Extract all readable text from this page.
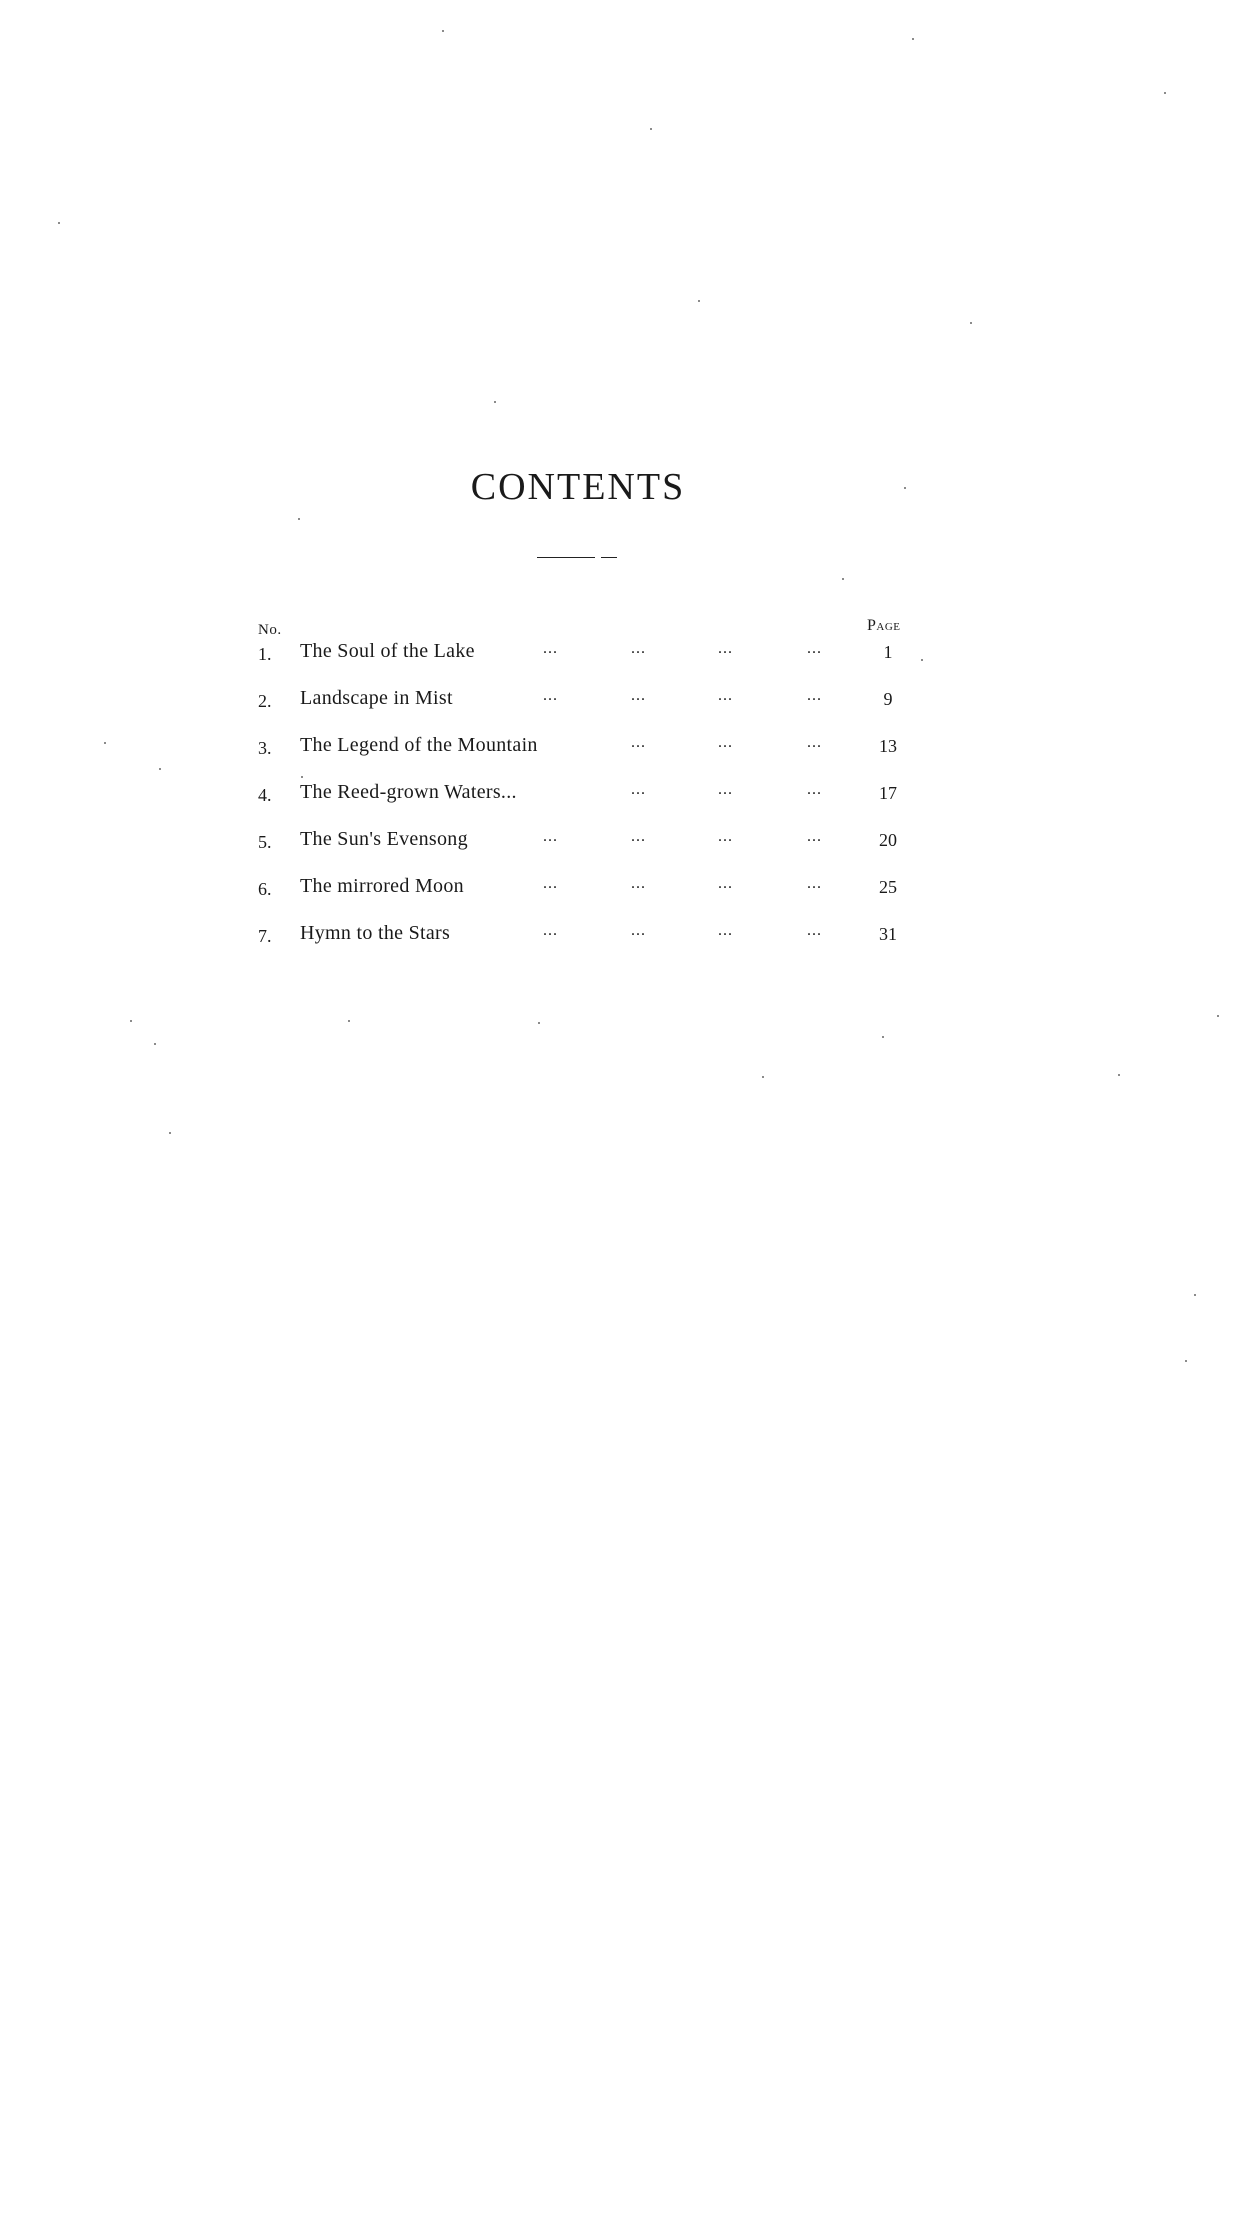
CONTENTS
No.	Page
1.	The Soul of the Lake	...	...	...	...	1
2.	Landscape in Mist	...	...	...	...	9
3.	The Legend of the Mountain	...	...	...	13
4.	The Reed-grown Waters...	...	...	...	17
5.	The Sun's Evensong	...	...	...	...	20
6.	The mirrored Moon	...	...	...	...	25
7.	Hymn to the Stars	...	...	...	...	31
